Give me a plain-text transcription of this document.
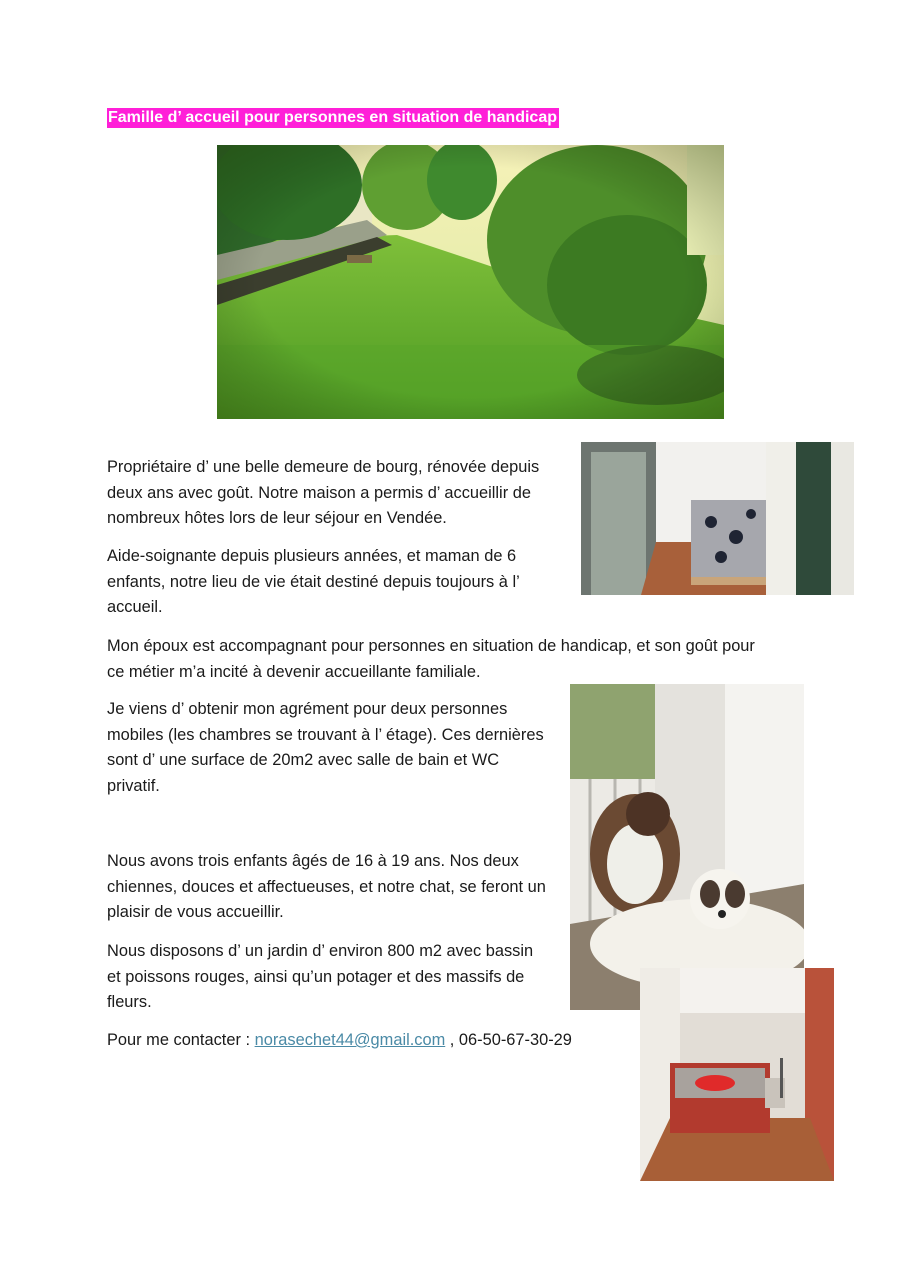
Famille d’ accueil pour personnes en situation de handicap

Propriétaire d’ une belle demeure de bourg, rénovée depuis deux ans avec goût. Notre maison a permis d’ accueillir de nombreux hôtes lors de leur séjour en Vendée.

Aide-soignante depuis plusieurs années, et maman de 6 enfants, notre lieu de vie était destiné depuis toujours à l’ accueil.

Mon époux est accompagnant pour personnes en situation de handicap, et son goût pour ce métier m’a incité à devenir accueillante familiale.

Je viens d’ obtenir mon agrément pour deux personnes mobiles (les chambres se trouvant à l’ étage). Ces dernières sont d’ une surface de 20m2 avec salle de bain et WC privatif.

Nous avons trois enfants âgés de 16 à 19 ans. Nos deux chiennes, douces et affectueuses, et notre chat, se feront un plaisir de vous accueillir.

Nous disposons d’ un jardin d’ environ 800 m2 avec bassin et poissons rouges, ainsi qu’un potager et des massifs de fleurs.

Pour me contacter : norasechet44@gmail.com , 06-50-67-30-29
